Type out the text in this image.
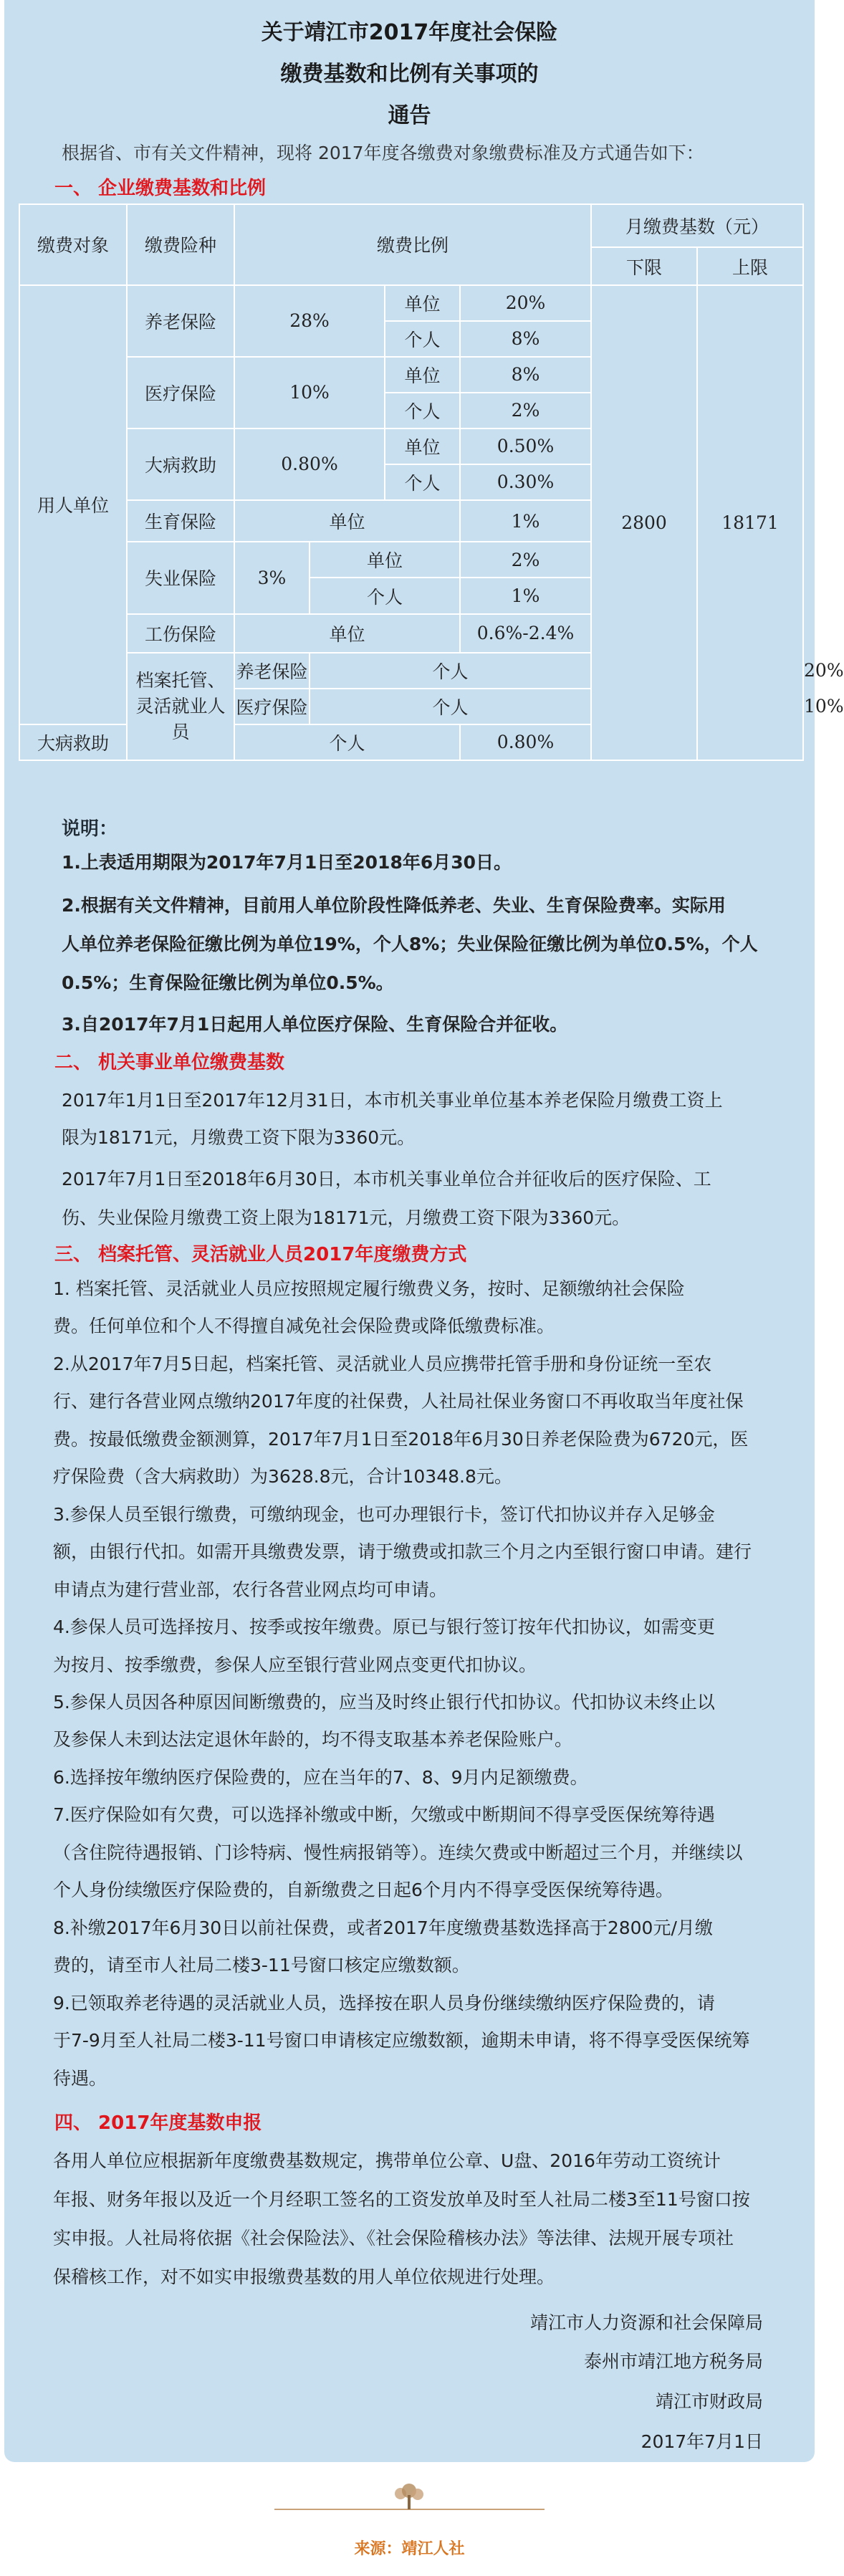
关于靖江市2017年度社会保险
缴费基数和比例有关事项的
通告
根据省、市有关文件精神，现将 2017年度各缴费对象缴费标准及方式通告如下：
一、 企业缴费基数和比例
缴费对象	缴费险种	缴费比例				月缴费基数（元）		
						下限	上限	
用人单位	养老保险	28%		单位	20%	2800	18171	
				个人	8%			
	医疗保险	10%		单位	8%			
				个人	2%			
	大病救助	0.80%		单位	0.50%			
				个人	0.30%			
	生育保险	单位			1%			
	失业保险	3%	单位		2%			
			个人		1%			
	工伤保险	单位			0.6%-2.4%			
	档案托管、灵活就业人员	养老保险	个人					20%
		医疗保险	个人					10%
大病救助		个人			0.80%			
说明：
1.上表适用期限为2017年7月1日至2018年6月30日。
2.根据有关文件精神，目前用人单位阶段性降低养老、失业、生育保险费率。实际用
人单位养老保险征缴比例为单位19%，个人8%；失业保险征缴比例为单位0.5%，个人
0.5%；生育保险征缴比例为单位0.5%。
3.自2017年7月1日起用人单位医疗保险、生育保险合并征收。
二、 机关事业单位缴费基数
2017年1月1日至2017年12月31日，本市机关事业单位基本养老保险月缴费工资上
限为18171元，月缴费工资下限为3360元。
2017年7月1日至2018年6月30日，本市机关事业单位合并征收后的医疗保险、工
伤、失业保险月缴费工资上限为18171元，月缴费工资下限为3360元。
三、 档案托管、灵活就业人员2017年度缴费方式
1. 档案托管、灵活就业人员应按照规定履行缴费义务，按时、足额缴纳社会保险
费。任何单位和个人不得擅自减免社会保险费或降低缴费标准。
2.从2017年7月5日起，档案托管、灵活就业人员应携带托管手册和身份证统一至农
行、建行各营业网点缴纳2017年度的社保费，人社局社保业务窗口不再收取当年度社保
费。按最低缴费金额测算，2017年7月1日至2018年6月30日养老保险费为6720元，医
疗保险费（含大病救助）为3628.8元，合计10348.8元。
3.参保人员至银行缴费，可缴纳现金，也可办理银行卡，签订代扣协议并存入足够金
额，由银行代扣。如需开具缴费发票，请于缴费或扣款三个月之内至银行窗口申请。建行
申请点为建行营业部，农行各营业网点均可申请。
4.参保人员可选择按月、按季或按年缴费。原已与银行签订按年代扣协议，如需变更
为按月、按季缴费，参保人应至银行营业网点变更代扣协议。
5.参保人员因各种原因间断缴费的，应当及时终止银行代扣协议。代扣协议未终止以
及参保人未到达法定退休年龄的，均不得支取基本养老保险账户。
6.选择按年缴纳医疗保险费的，应在当年的7、8、9月内足额缴费。
7.医疗保险如有欠费，可以选择补缴或中断，欠缴或中断期间不得享受医保统筹待遇
（含住院待遇报销、门诊特病、慢性病报销等）。连续欠费或中断超过三个月，并继续以
个人身份续缴医疗保险费的，自新缴费之日起6个月内不得享受医保统筹待遇。
8.补缴2017年6月30日以前社保费，或者2017年度缴费基数选择高于2800元/月缴
费的，请至市人社局二楼3-11号窗口核定应缴数额。
9.已领取养老待遇的灵活就业人员，选择按在职人员身份继续缴纳医疗保险费的，请
于7-9月至人社局二楼3-11号窗口申请核定应缴数额，逾期未申请，将不得享受医保统筹
待遇。
四、 2017年度基数申报
各用人单位应根据新年度缴费基数规定，携带单位公章、U盘、2016年劳动工资统计
年报、财务年报以及近一个月经职工签名的工资发放单及时至人社局二楼3至11号窗口按
实申报。人社局将依据《社会保险法》、《社会保险稽核办法》等法律、法规开展专项社
保稽核工作，对不如实申报缴费基数的用人单位依规进行处理。
靖江市人力资源和社会保障局
泰州市靖江地方税务局
靖江市财政局
2017年7月1日
来源：靖江人社
